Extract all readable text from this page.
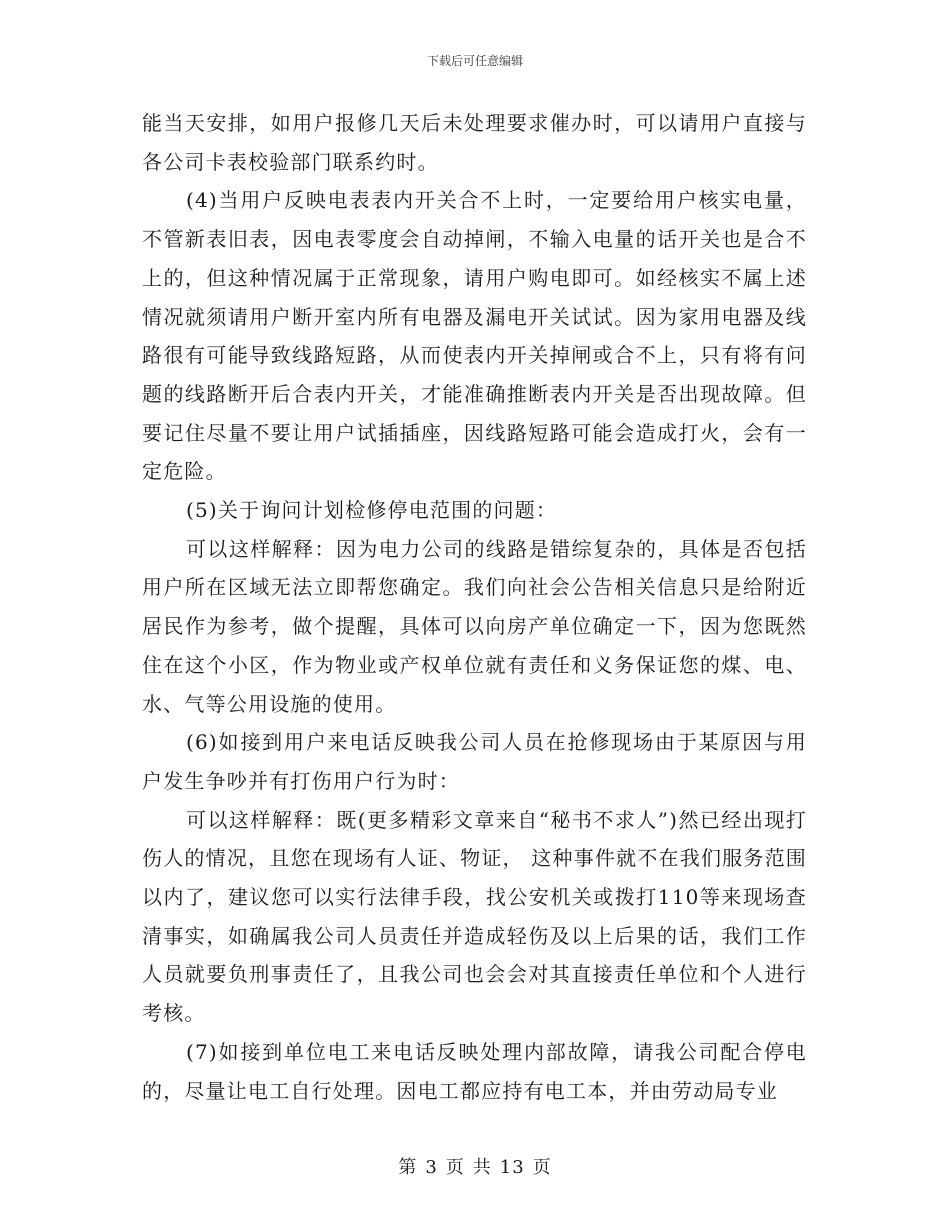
下载后可任意编辑

能当天安排，如用户报修几天后未处理要求催办时，可以请用户直接与各公司卡表校验部门联系约时。

(4)当用户反映电表表内开关合不上时，一定要给用户核实电量，不管新表旧表，因电表零度会自动掉闸，不输入电量的话开关也是合不上的，但这种情况属于正常现象，请用户购电即可。如经核实不属上述情况就须请用户断开室内所有电器及漏电开关试试。因为家用电器及线路很有可能导致线路短路，从而使表内开关掉闸或合不上，只有将有问题的线路断开后合表内开关，才能准确推断表内开关是否出现故障。但要记住尽量不要让用户试插插座，因线路短路可能会造成打火，会有一定危险。

(5)关于询问计划检修停电范围的问题：

可以这样解释：因为电力公司的线路是错综复杂的，具体是否包括用户所在区域无法立即帮您确定。我们向社会公告相关信息只是给附近居民作为参考，做个提醒，具体可以向房产单位确定一下，因为您既然住在这个小区，作为物业或产权单位就有责任和义务保证您的煤、电、水、气等公用设施的使用。

(6)如接到用户来电话反映我公司人员在抢修现场由于某原因与用户发生争吵并有打伤用户行为时：

可以这样解释：既(更多精彩文章来自“秘书不求人”)然已经出现打伤人的情况，且您在现场有人证、物证， 这种事件就不在我们服务范围以内了，建议您可以实行法律手段，找公安机关或拨打110等来现场查清事实，如确属我公司人员责任并造成轻伤及以上后果的话，我们工作人员就要负刑事责任了，且我公司也会会对其直接责任单位和个人进行考核。

(7)如接到单位电工来电话反映处理内部故障，请我公司配合停电的，尽量让电工自行处理。因电工都应持有电工本，并由劳动局专业

第 3 页 共 13 页
